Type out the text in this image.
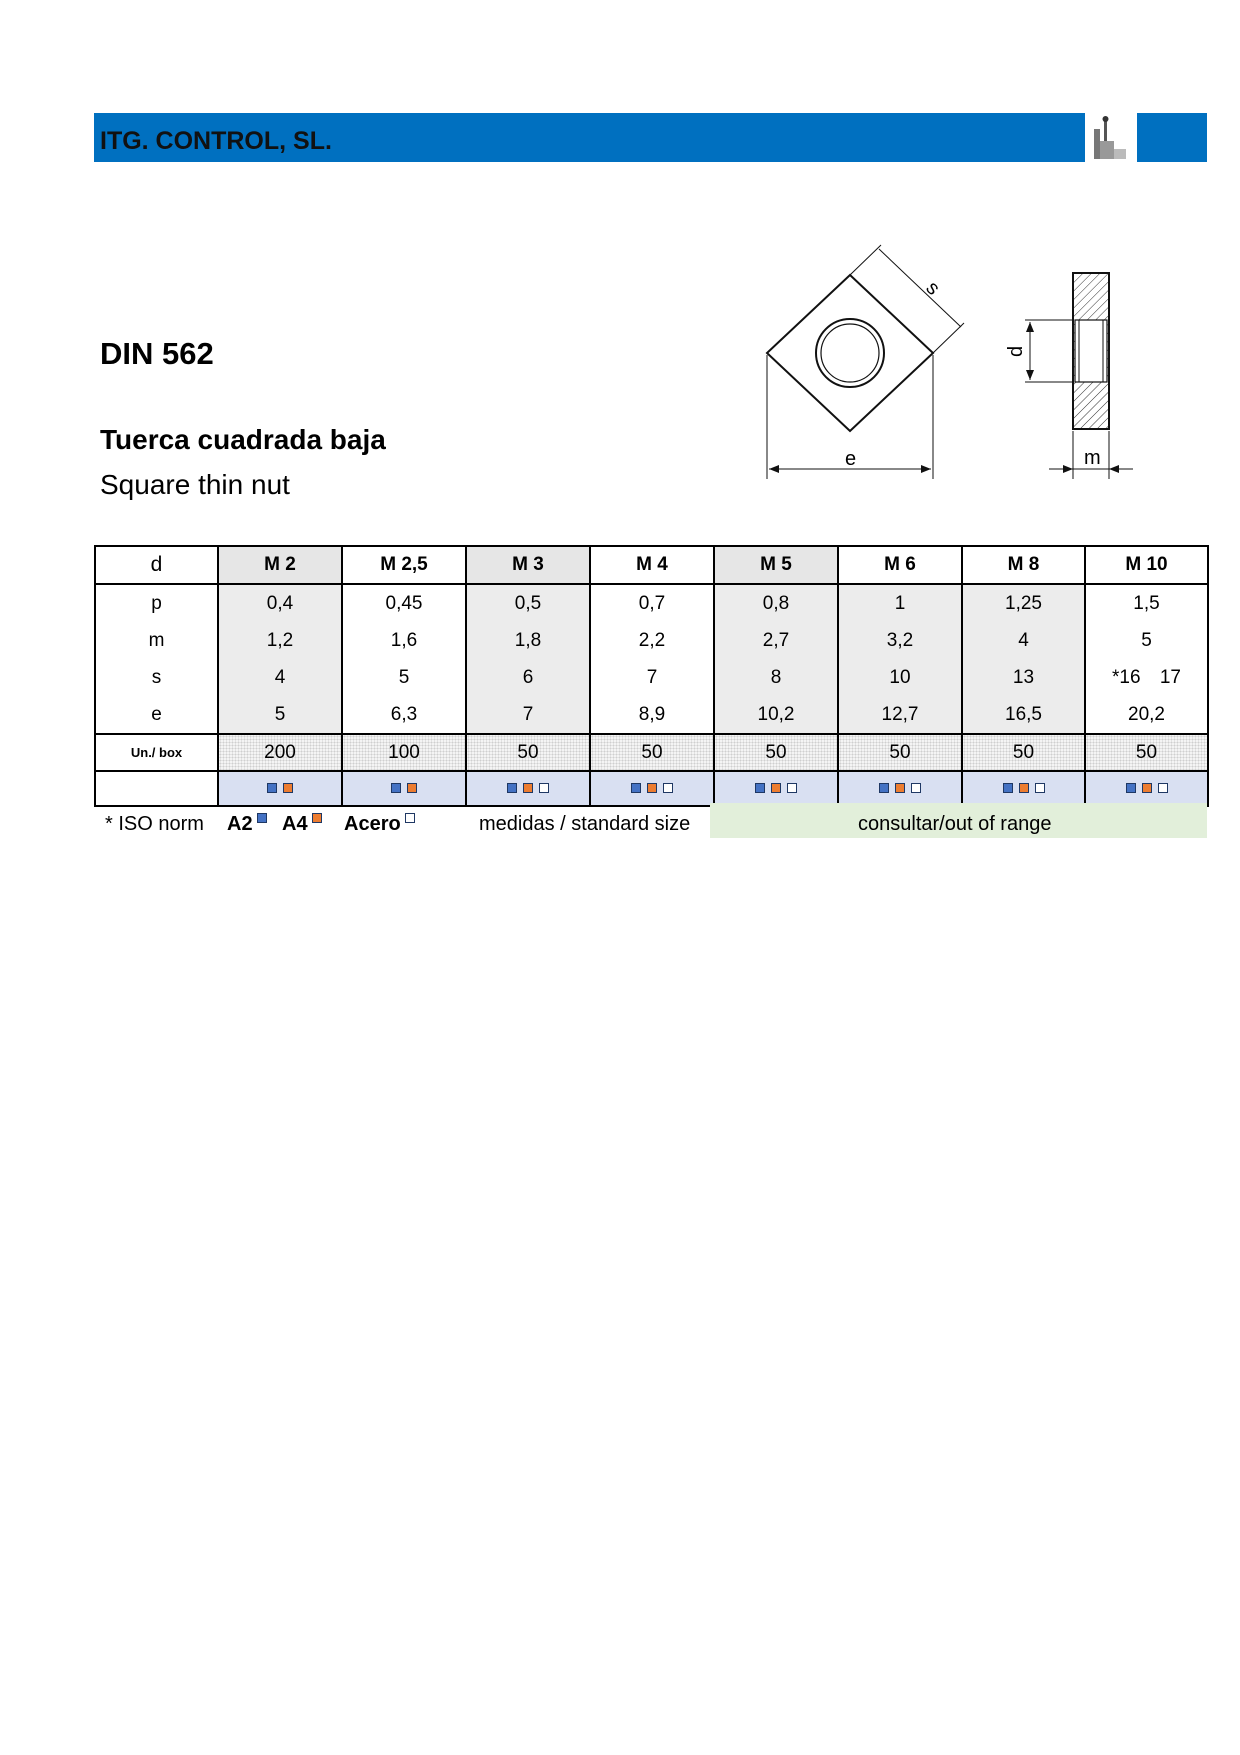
ITG. CONTROL, SL.
DIN 562
Tuerca cuadrada baja
Square thin nut
s
e
d
m
d	M 2	M 2,5	M 3	M 4	M 5	M 6	M 8	M 10
p	0,4	0,45	0,5	0,7	0,8	1	1,25	1,5
m	1,2	1,6	1,8	2,2	2,7	3,2	4	5
s	4	5	6	7	8	10	13	*16 17

e	5	6,3	7	8,9	10,2	12,7	16,5	20,2
Un./ box	200	100	50	50	50	50	50	50

* ISO norm A2	A4	Acero	medidas / standard size	consultar/out of range
